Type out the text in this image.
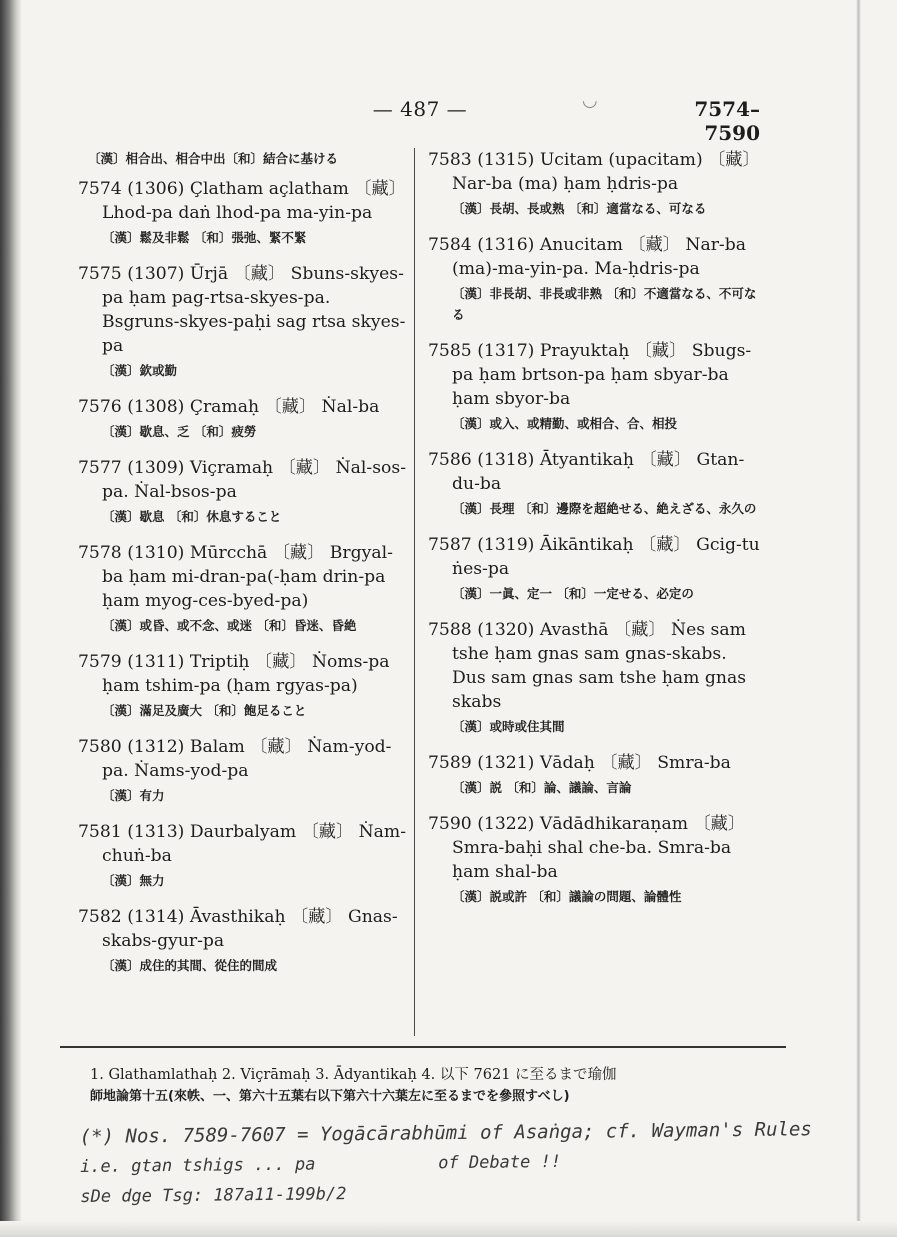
◡
— 487 —	7574–7590

〔漢〕相合出、相合中出〔和〕結合に基ける

7574 (1306) Çlatham açlatham 〔藏〕 Lhod-pa daṅ lhod-pa ma-yin-pa

〔漢〕鬆及非鬆 〔和〕張弛、緊不緊

7575 (1307) Ūrjā 〔藏〕 Sbuns-skyes-pa ḥam pag-rtsa-skyes-pa. Bsgruns-skyes-paḥi sag rtsa skyes-pa

〔漢〕欽或勤

7576 (1308) Çramaḥ 〔藏〕 Ṅal-ba

〔漢〕歇息、乏 〔和〕疲勞

7577 (1309) Viçramaḥ 〔藏〕 Ṅal-sos-pa. Ṅal-bsos-pa

〔漢〕歇息 〔和〕休息すること

7578 (1310) Mūrcchā 〔藏〕 Brgyal-ba ḥam mi-dran-pa(-ḥam drin-pa ḥam myog-ces-byed-pa)

〔漢〕或昏、或不念、或迷 〔和〕昏迷、昏絶

7579 (1311) Triptiḥ 〔藏〕 Ṅoms-pa ḥam tshim-pa (ḥam rgyas-pa)

〔漢〕滿足及廣大 〔和〕飽足ること

7580 (1312) Balam 〔藏〕 Ṅam-yod-pa. Ṅams-yod-pa

〔漢〕有力

7581 (1313) Daurbalyam 〔藏〕 Ṅam-chuṅ-ba

〔漢〕無力

7582 (1314) Āvasthikaḥ 〔藏〕 Gnas-skabs-gyur-pa

〔漢〕成住的其間、從住的間成

7583 (1315) Ucitam (upacitam) 〔藏〕 Nar-ba (ma) ḥam ḥdris-pa

〔漢〕長胡、長或熟 〔和〕適當なる、可なる

7584 (1316) Anucitam 〔藏〕 Nar-ba (ma)-ma-yin-pa. Ma-ḥdris-pa

〔漢〕非長胡、非長或非熟 〔和〕不適當なる、不可なる

7585 (1317) Prayuktaḥ 〔藏〕 Sbugs-pa ḥam brtson-pa ḥam sbyar-ba ḥam sbyor-ba

〔漢〕或入、或精勤、或相合、合、相投

7586 (1318) Ātyantikaḥ 〔藏〕 Gtan-du-ba

〔漢〕長理 〔和〕邊際を超絶せる、絶えざる、永久の

7587 (1319) Āikāntikaḥ 〔藏〕 Gcig-tu ṅes-pa

〔漢〕一眞、定一 〔和〕一定せる、必定の

7588 (1320) Avasthā 〔藏〕 Ṅes sam tshe ḥam gnas sam gnas-skabs. Dus sam gnas sam tshe ḥam gnas skabs

〔漢〕或時或住其間

7589 (1321) Vādaḥ 〔藏〕 Smra-ba

〔漢〕説 〔和〕論、議論、言論

7590 (1322) Vādādhikaraṇam 〔藏〕 Smra-baḥi shal che-ba. Smra-ba ḥam shal-ba

〔漢〕説或許 〔和〕議論の問題、論體性

1. Glathamlathaḥ 2. Viçrāmaḥ 3. Ādyantikaḥ 4. 以下 7621 に至るまで瑜伽
師地論第十五(來帙、一、第六十五葉右以下第六十六葉左に至るまでを參照すべし)
(*) Nos. 7589-7607 = Yogācārabhūmi of Asaṅga; cf. Wayman's Rules
i.e. gtan tshigs ... pa            of Debate !!
sDe dge Tsg: 187a11-199b/2
